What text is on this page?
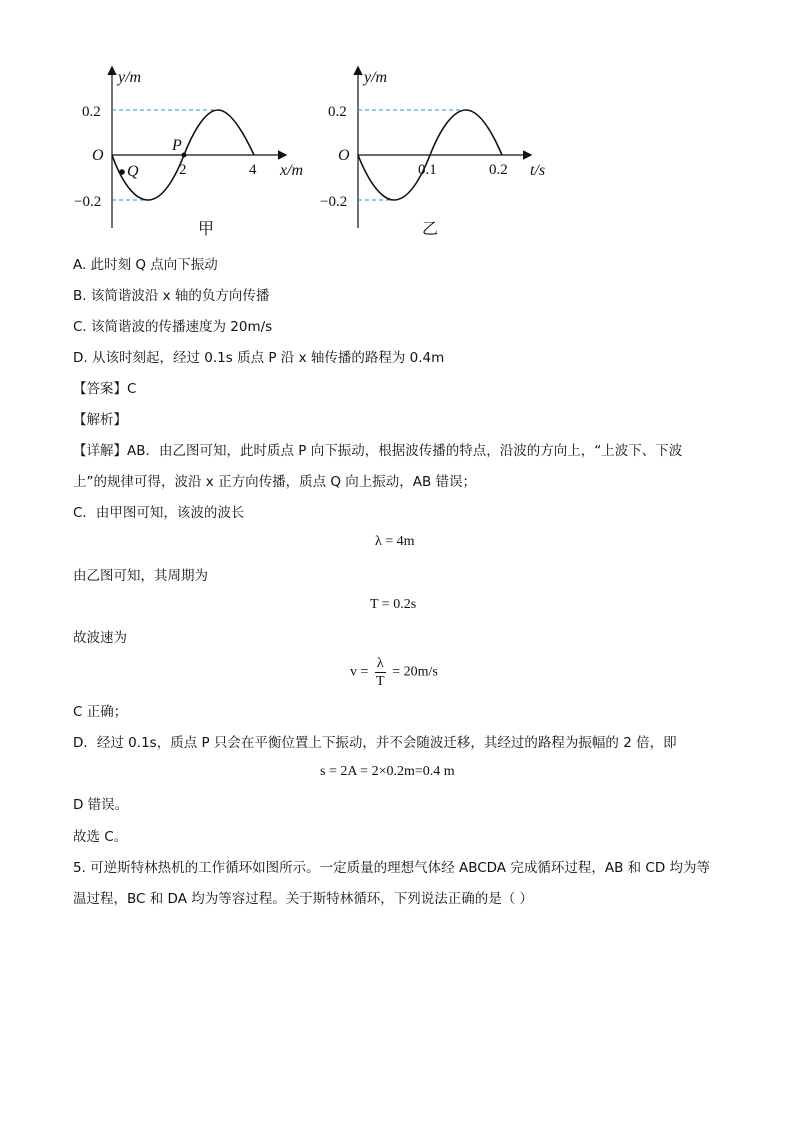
y/m
x/m
0.2
−0.2
O
2	4
P
Q
甲
y/m
t/s
0.2
−0.2
O
0.1	0.2
乙
A. 此时刻 Q 点向下振动
B. 该简谐波沿 x 轴的负方向传播
C. 该简谐波的传播速度为 20m/s
D. 从该时刻起，经过 0.1s 质点 P 沿 x 轴传播的路程为 0.4m
【答案】C
【解析】
【详解】AB．由乙图可知，此时质点 P 向下振动，根据波传播的特点，沿波的方向上，“上波下、下波
上”的规律可得，波沿 x 正方向传播，质点 Q 向上振动，AB 错误；
C．由甲图可知，该波的波长
λ = 4m
由乙图可知，其周期为
T = 0.2s
故波速为
$v = \frac{\lambda}{T} = 20m/s$
C 正确；
D．经过 0.1s，质点 P 只会在平衡位置上下振动，并不会随波迁移，其经过的路程为振幅的 2 倍，即
s = 2A = 2×0.2m=0.4 m
D 错误。
故选 C。
5. 可逆斯特林热机的工作循环如图所示。一定质量的理想气体经 ABCDA 完成循环过程，AB 和 CD 均为等
温过程，BC 和 DA 均为等容过程。关于斯特林循环，下列说法正确的是（ ）
